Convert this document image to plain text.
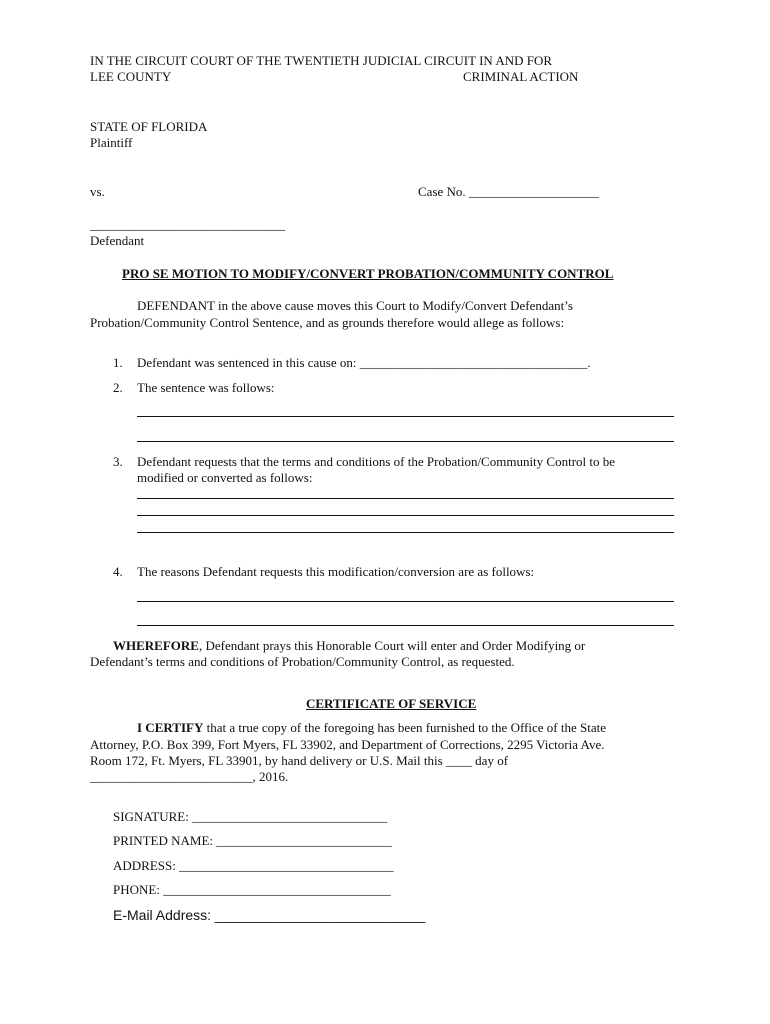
IN THE CIRCUIT COURT OF THE TWENTIETH JUDICIAL CIRCUIT IN AND FOR
LEE COUNTY	CRIMINAL ACTION
STATE OF FLORIDA
Plaintiff
vs.	Case No. ____________________
______________________________
Defendant
PRO SE MOTION TO MODIFY/CONVERT PROBATION/COMMUNITY CONTROL
DEFENDANT in the above cause moves this Court to Modify/Convert Defendant’s
Probation/Community Control Sentence, and as grounds therefore would allege as follows:
1. Defendant was sentenced in this cause on: ___________________________________.
2. The sentence was follows:
3. Defendant requests that the terms and conditions of the Probation/Community Control to be
modified or converted as follows:
4. The reasons Defendant requests this modification/conversion are as follows:
WHEREFORE, Defendant prays this Honorable Court will enter and Order Modifying or
Defendant’s terms and conditions of Probation/Community Control, as requested.
CERTIFICATE OF SERVICE
I CERTIFY that a true copy of the foregoing has been furnished to the Office of the State
Attorney, P.O. Box 399, Fort Myers, FL 33902, and Department of Corrections, 2295 Victoria Ave.
Room 172, Ft. Myers, FL 33901, by hand delivery or U.S. Mail this ____ day of
_________________________, 2016.
SIGNATURE: ______________________________
PRINTED NAME: ___________________________
ADDRESS: _________________________________
PHONE: ___________________________________
E-Mail Address: ___________________________
